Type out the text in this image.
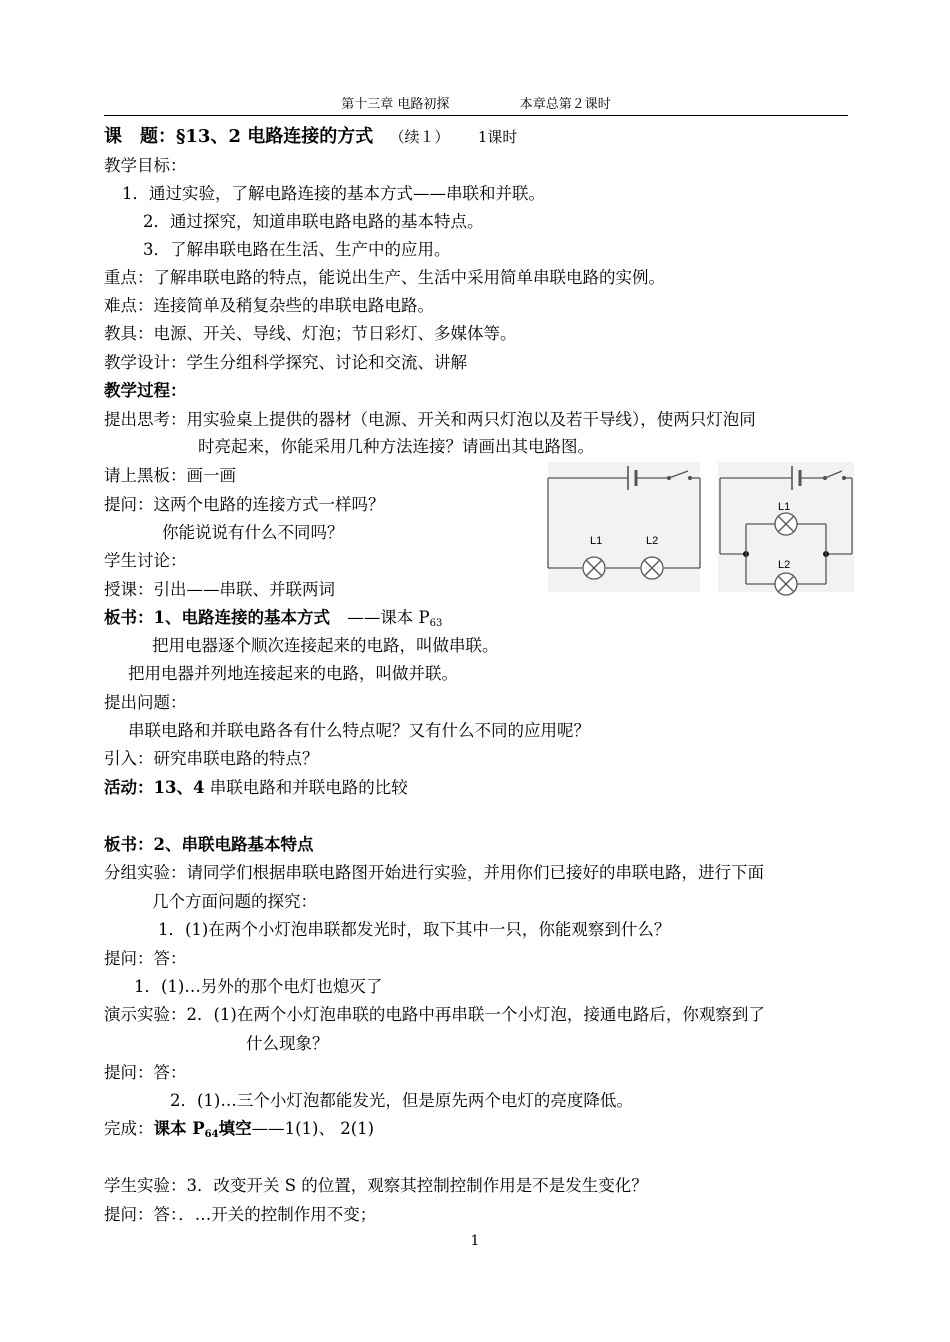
第十三章 电路初探	本章总第２课时
课　题：§13、2 电路连接的方式 （续１） 1课时
教学目标：
1．通过实验，了解电路连接的基本方式——串联和并联。
2．通过探究，知道串联电路电路的基本特点。
3．了解串联电路在生活、生产中的应用。
重点：了解串联电路的特点，能说出生产、生活中采用简单串联电路的实例。
难点：连接简单及稍复杂些的串联电路电路。
教具：电源、开关、导线、灯泡；节日彩灯、多媒体等。
教学设计：学生分组科学探究、讨论和交流、讲解
教学过程：
提出思考：用实验桌上提供的器材（电源、开关和两只灯泡以及若干导线），使两只灯泡同
时亮起来，你能采用几种方法连接？请画出其电路图。
请上黑板：画一画
提问：这两个电路的连接方式一样吗？
你能说说有什么不同吗？
学生讨论：
授课：引出——串联、并联两词
L1	L2
L1
L2
板书：1、电路连接的基本方式 ——课本 $P_{63}$
把用电器逐个顺次连接起来的电路，叫做串联。
把用电器并列地连接起来的电路，叫做并联。
提出问题：
串联电路和并联电路各有什么特点呢？又有什么不同的应用呢？
引入：研究串联电路的特点？
活动：13、4 串联电路和并联电路的比较
板书：2、串联电路基本特点
分组实验：请同学们根据串联电路图开始进行实验，并用你们已接好的串联电路，进行下面
几个方面问题的探究：
1．(1)在两个小灯泡串联都发光时，取下其中一只，你能观察到什么？
提问：答：
1．(1)…另外的那个电灯也熄灭了
演示实验：2．(1)在两个小灯泡串联的电路中再串联一个小灯泡，接通电路后，你观察到了
什么现象？
提问：答：
2．(1)…三个小灯泡都能发光，但是原先两个电灯的亮度降低。
完成：课本 $P_{64}$填空——1(1)、 2(1)
学生实验：3．改变开关 S 的位置，观察其控制控制作用是不是发生变化？
提问：答：．…开关的控制作用不变；
1
